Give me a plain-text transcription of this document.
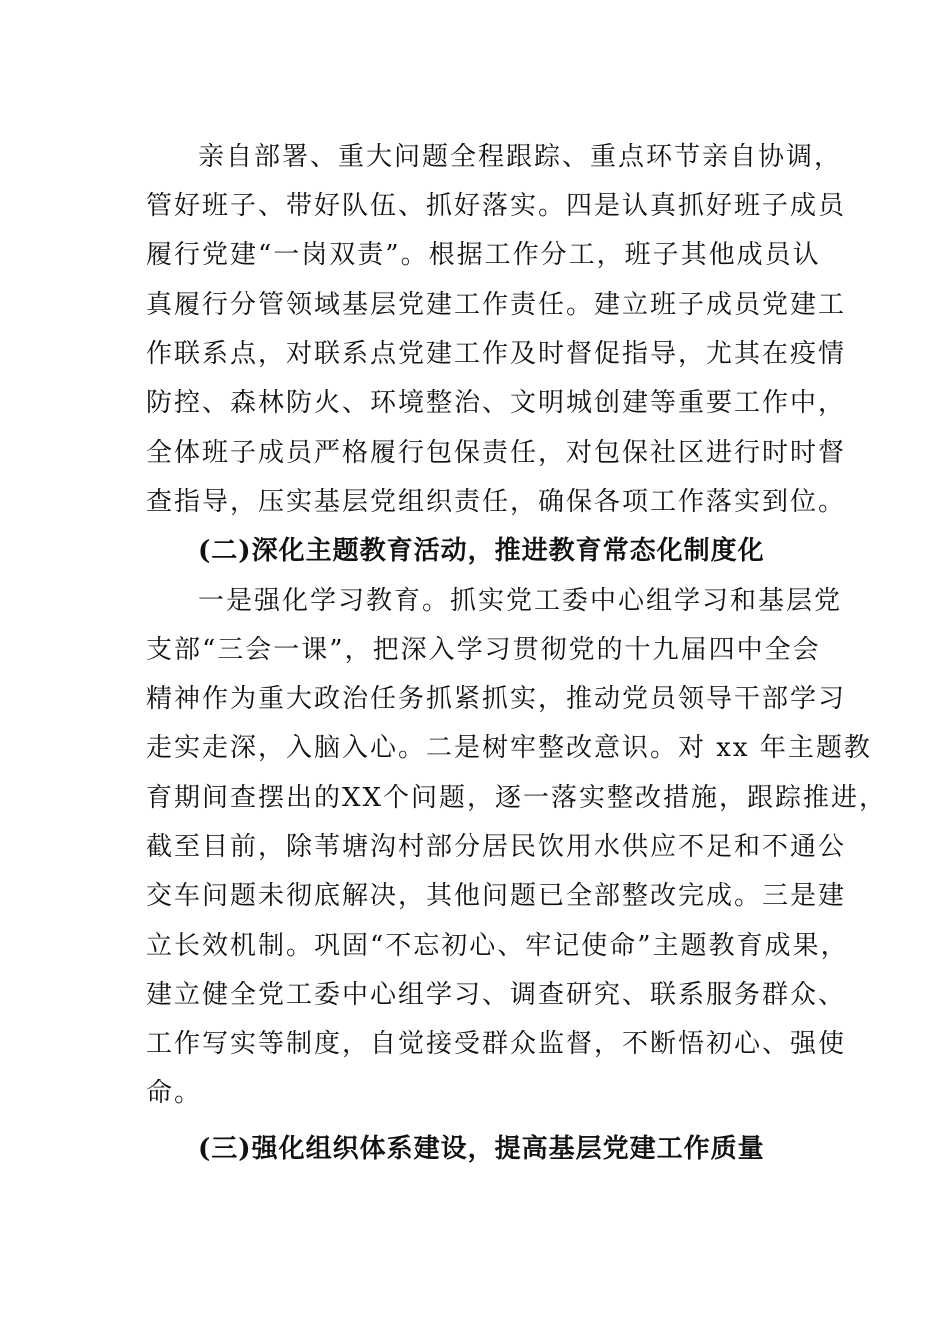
亲自部署、重大问题全程跟踪、重点环节亲自协调，
管好班子、带好队伍、抓好落实。四是认真抓好班子成员
履行党建“一岗双责”。根据工作分工，班子其他成员认
真履行分管领域基层党建工作责任。建立班子成员党建工
作联系点，对联系点党建工作及时督促指导，尤其在疫情
防控、森林防火、环境整治、文明城创建等重要工作中，
全体班子成员严格履行包保责任，对包保社区进行时时督
查指导，压实基层党组织责任，确保各项工作落实到位。
(二)深化主题教育活动，推进教育常态化制度化
一是强化学习教育。抓实党工委中心组学习和基层党
支部“三会一课”，把深入学习贯彻党的十九届四中全会
精神作为重大政治任务抓紧抓实，推动党员领导干部学习
走实走深，入脑入心。二是树牢整改意识。对 xx 年主题教
育期间查摆出的XX个问题，逐一落实整改措施，跟踪推进，
截至目前，除苇塘沟村部分居民饮用水供应不足和不通公
交车问题未彻底解决，其他问题已全部整改完成。三是建
立长效机制。巩固“不忘初心、牢记使命”主题教育成果，
建立健全党工委中心组学习、调查研究、联系服务群众、
工作写实等制度，自觉接受群众监督，不断悟初心、强使
命。
(三)强化组织体系建设，提高基层党建工作质量
